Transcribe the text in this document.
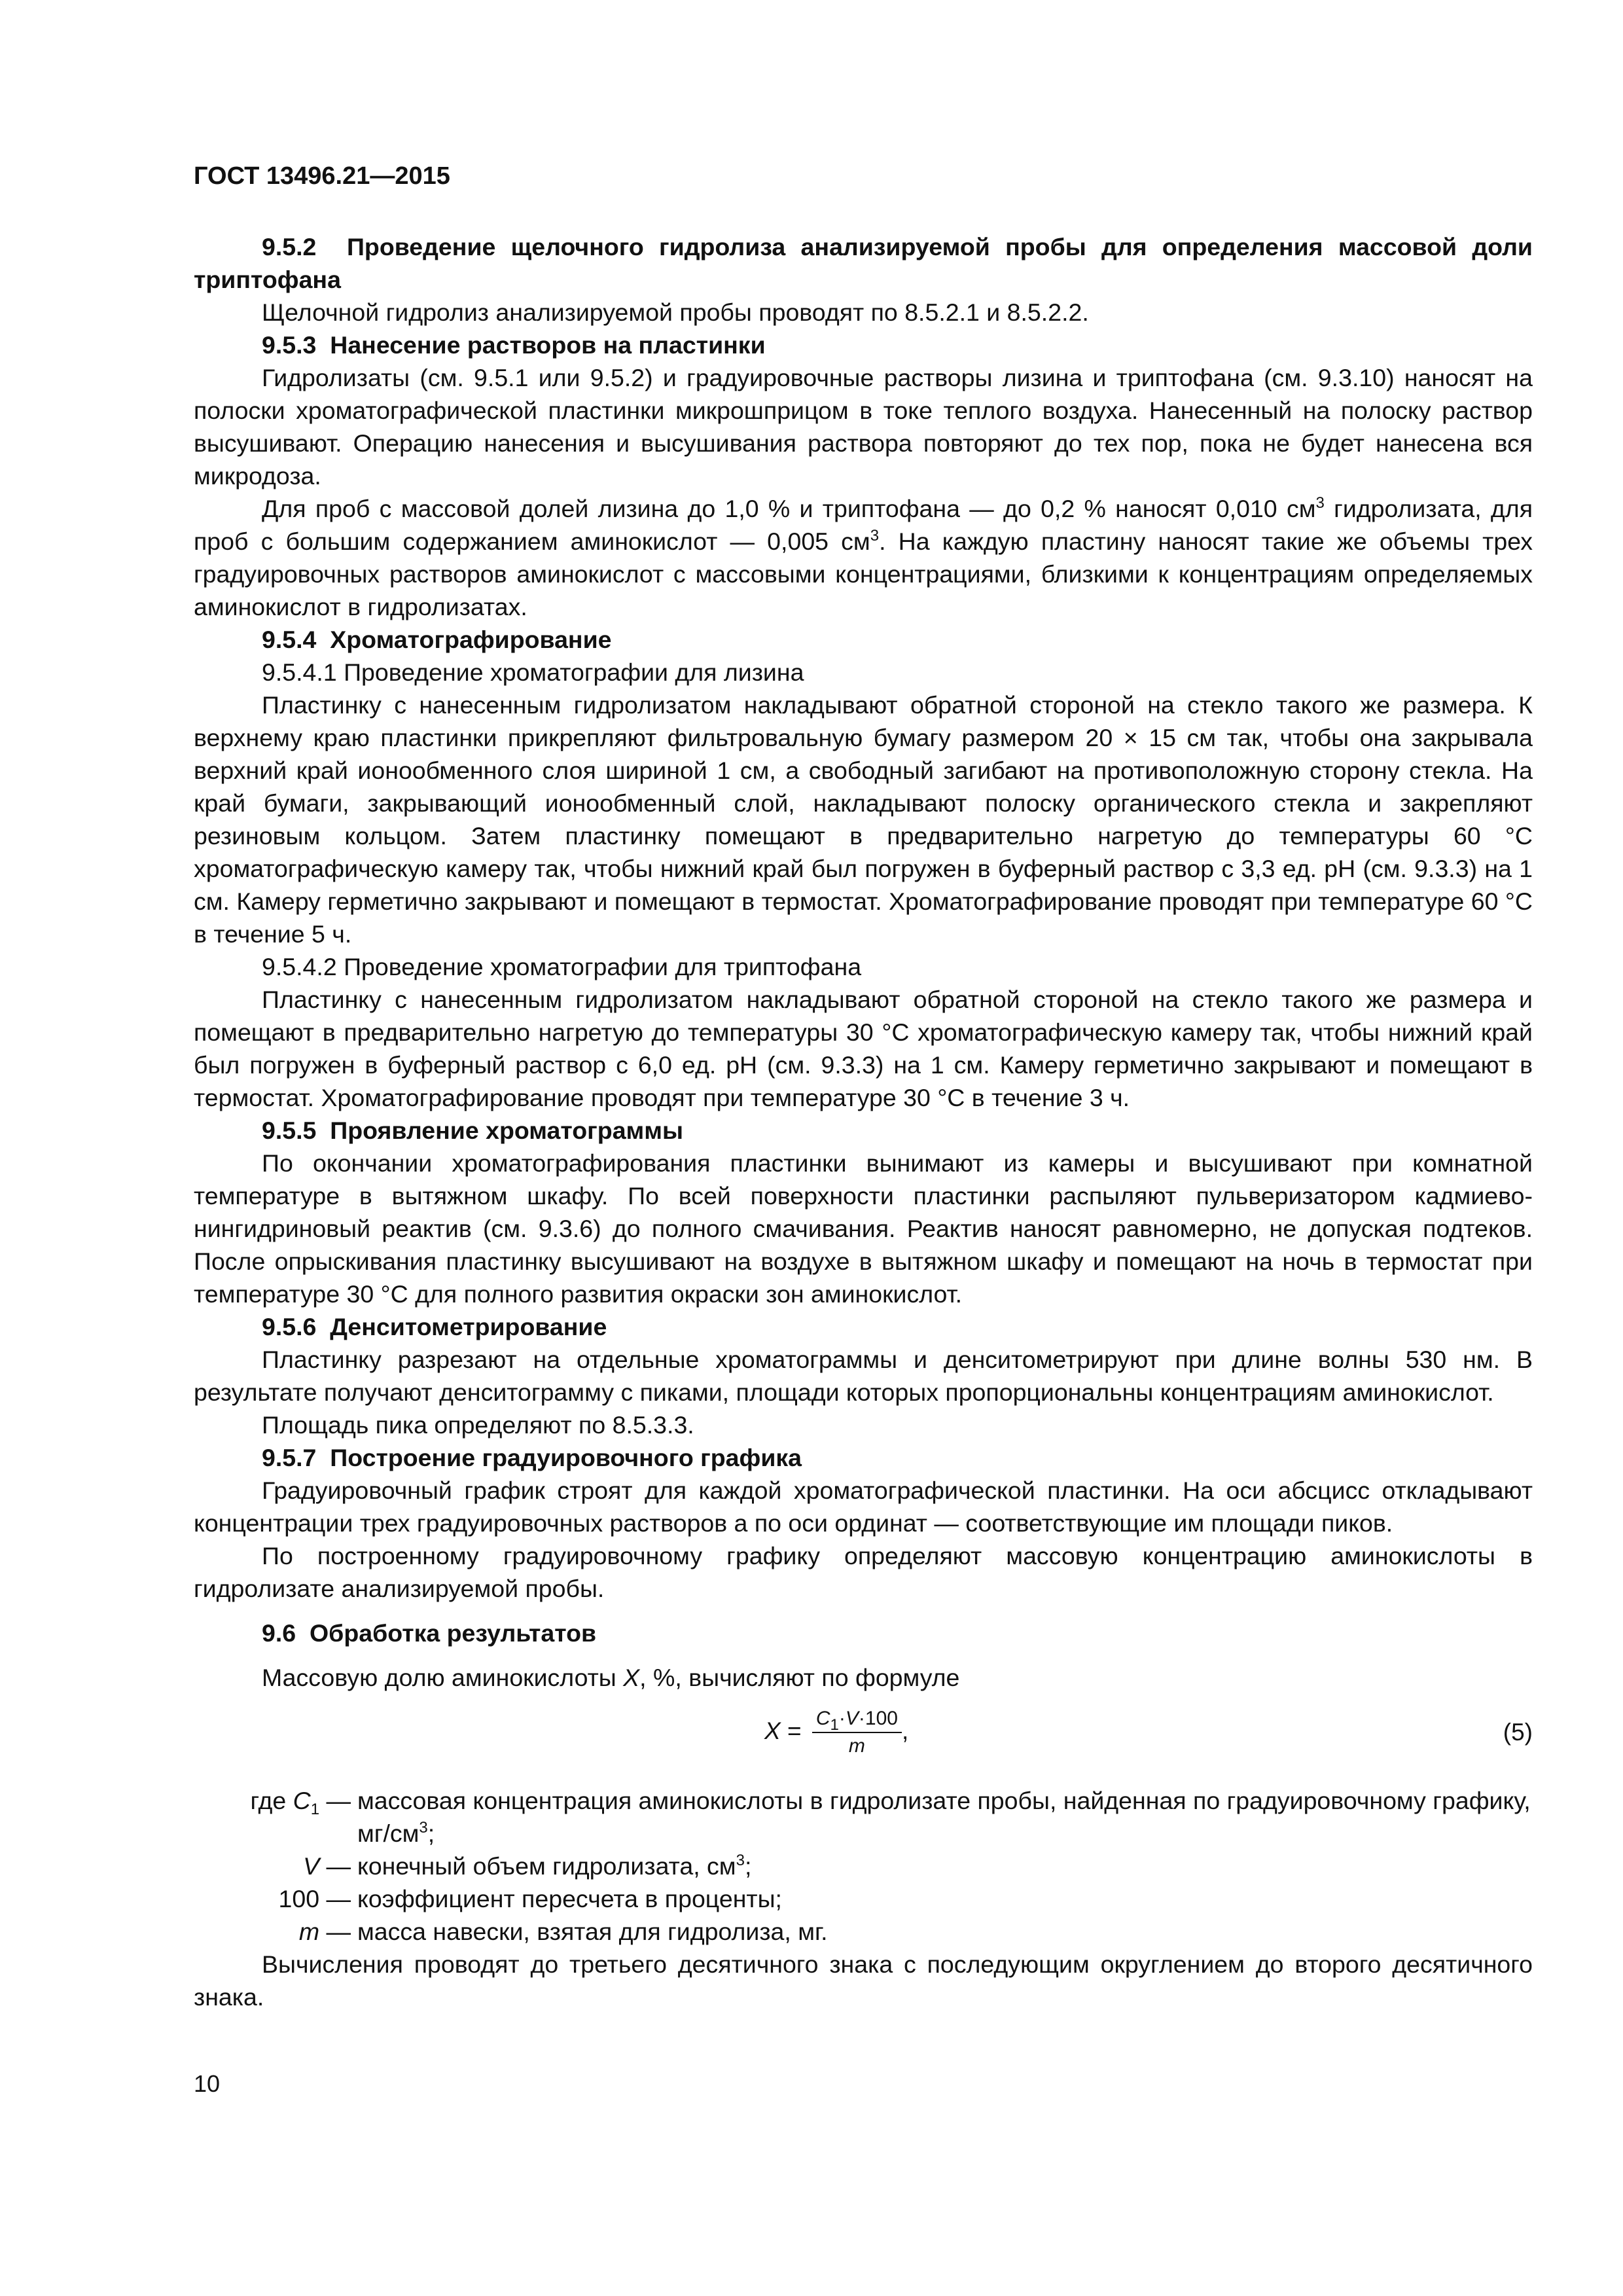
ГОСТ 13496.21—2015

9.5.2 Проведение щелочного гидролиза анализируемой пробы для определения массовой доли триптофана

Щелочной гидролиз анализируемой пробы проводят по 8.5.2.1 и 8.5.2.2.

9.5.3 Нанесение растворов на пластинки

Гидролизаты (см. 9.5.1 или 9.5.2) и градуировочные растворы лизина и триптофана (см. 9.3.10) наносят на полоски хроматографической пластинки микрошприцом в токе теплого воздуха. Нанесенный на полоску раствор высушивают. Операцию нанесения и высушивания раствора повторяют до тех пор, пока не будет нанесена вся микродоза.

Для проб с массовой долей лизина до 1,0 % и триптофана — до 0,2 % наносят 0,010 $см^3$ гидролизата, для проб с большим содержанием аминокислот — 0,005 $см^3$. На каждую пластину наносят такие же объемы трех градуировочных растворов аминокислот с массовыми концентрациями, близкими к концентрациям определяемых аминокислот в гидролизатах.

9.5.4 Хроматографирование

9.5.4.1 Проведение хроматографии для лизина

Пластинку с нанесенным гидролизатом накладывают обратной стороной на стекло такого же размера. К верхнему краю пластинки прикрепляют фильтровальную бумагу размером 20 × 15 см так, чтобы она закрывала верхний край ионообменного слоя шириной 1 см, а свободный загибают на противоположную сторону стекла. На край бумаги, закрывающий ионообменный слой, накладывают полоску органического стекла и закрепляют резиновым кольцом. Затем пластинку помещают в предварительно нагретую до температуры 60 °С хроматографическую камеру так, чтобы нижний край был погружен в буферный раствор с 3,3 ед. рН (см. 9.3.3) на 1 см. Камеру герметично закрывают и помещают в термостат. Хроматографирование проводят при температуре 60 °С в течение 5 ч.

9.5.4.2 Проведение хроматографии для триптофана

Пластинку с нанесенным гидролизатом накладывают обратной стороной на стекло такого же размера и помещают в предварительно нагретую до температуры 30 °С хроматографическую камеру так, чтобы нижний край был погружен в буферный раствор с 6,0 ед. рН (см. 9.3.3) на 1 см. Камеру герметично закрывают и помещают в термостат. Хроматографирование проводят при температуре 30 °С в течение 3 ч.

9.5.5 Проявление хроматограммы

По окончании хроматографирования пластинки вынимают из камеры и высушивают при комнатной температуре в вытяжном шкафу. По всей поверхности пластинки распыляют пульверизатором кадмиево-нингидриновый реактив (см. 9.3.6) до полного смачивания. Реактив наносят равномерно, не допуская подтеков. После опрыскивания пластинку высушивают на воздухе в вытяжном шкафу и помещают на ночь в термостат при температуре 30 °С для полного развития окраски зон аминокислот.

9.5.6 Денситометрирование

Пластинку разрезают на отдельные хроматограммы и денситометрируют при длине волны 530 нм. В результате получают денситограмму с пиками, площади которых пропорциональны концентрациям аминокислот.

Площадь пика определяют по 8.5.3.3.

9.5.7 Построение градуировочного графика

Градуировочный график строят для каждой хроматографической пластинки. На оси абсцисс откладывают концентрации трех градуировочных растворов а по оси ординат — соответствующие им площади пиков.

По построенному градуировочному графику определяют массовую концентрацию аминокислоты в гидролизате анализируемой пробы.

9.6 Обработка результатов

Массовую долю аминокислоты X, %, вычисляют по формуле

$X = \frac{C_1\cdot V\cdot 100}{m}$ ,	(5)
где $C_1$ — массовая концентрация аминокислоты в гидролизате пробы, найденная по градуировочному графику, $мг/см^3$;
V — конечный объем гидролизата, $см^3$;
100 — коэффициент пересчета в проценты;
m — масса навески, взятая для гидролиза, мг.

Вычисления проводят до третьего десятичного знака с последующим округлением до второго десятичного знака.

10
